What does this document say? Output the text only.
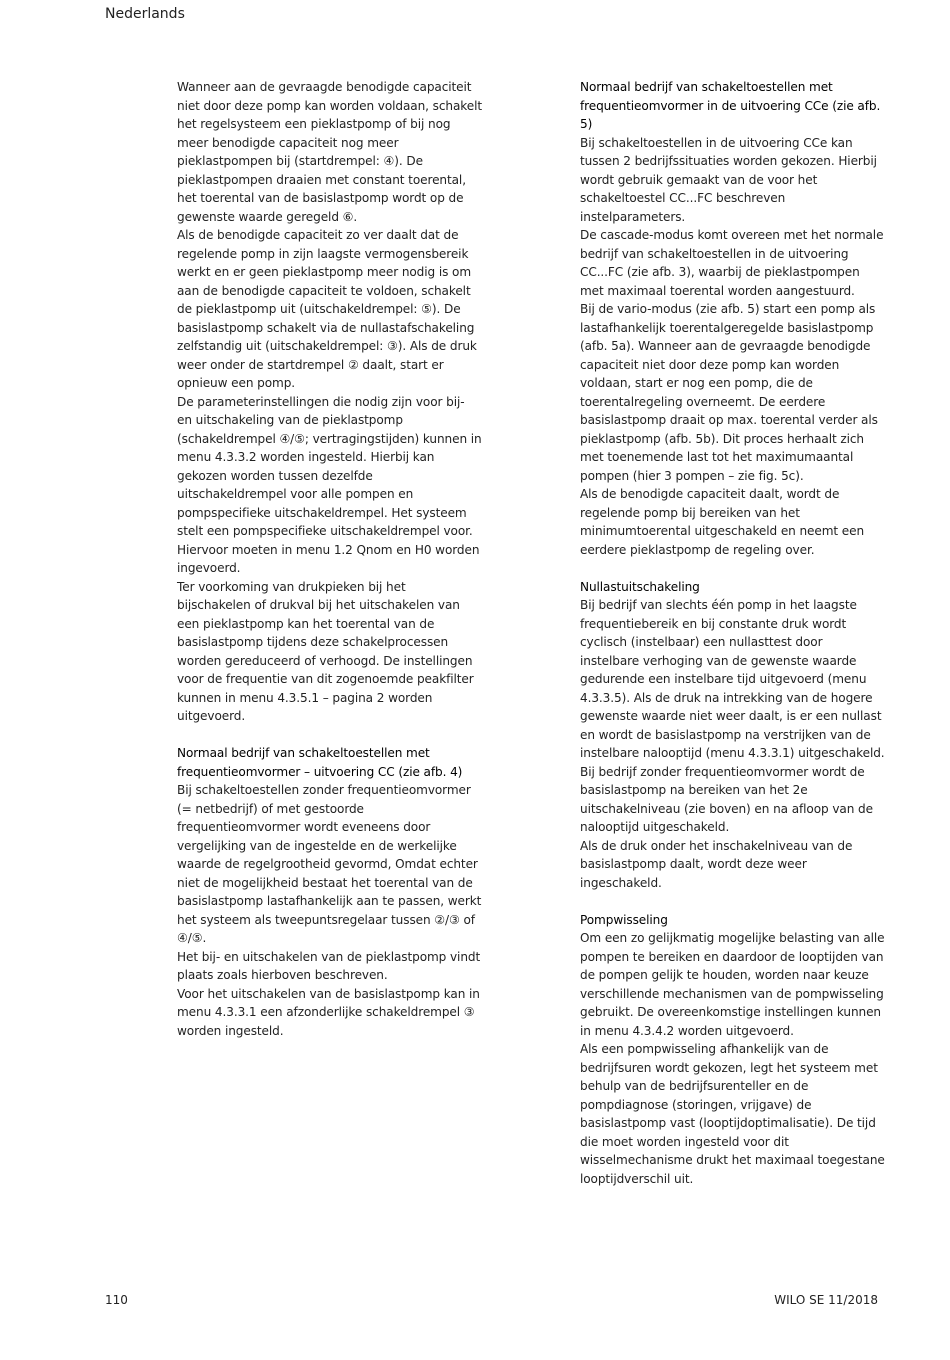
Nederlands

Wanneer aan de gevraagde benodigde capaciteit niet door deze pomp kan worden voldaan, schakelt het regelsysteem een pieklastpomp of bij nog meer benodigde capaciteit nog meer pieklastpompen bij (startdrempel: ④). De pieklastpompen draaien met constant toerental, het toerental van de basislastpomp wordt op de gewenste waarde geregeld ⑥.

Als de benodigde capaciteit zo ver daalt dat de regelende pomp in zijn laagste vermogensbereik werkt en er geen pieklastpomp meer nodig is om aan de benodigde capaciteit te voldoen, schakelt de pieklastpomp uit (uitschakeldrempel: ⑤). De basislastpomp schakelt via de nullastafschakeling zelfstandig uit (uitschakeldrempel: ③). Als de druk weer onder de startdrempel ② daalt, start er opnieuw een pomp.

De parameterinstellingen die nodig zijn voor bij- en uitschakeling van de pieklastpomp (schakeldrempel ④/⑤; vertragingstijden) kunnen in menu 4.3.3.2 worden ingesteld. Hierbij kan gekozen worden tussen dezelfde uitschakeldrempel voor alle pompen en pompspecifieke uitschakeldrempel. Het systeem stelt een pompspecifieke uitschakeldrempel voor. Hiervoor moeten in menu 1.2 Qnom en H0 worden ingevoerd.

Ter voorkoming van drukpieken bij het bijschakelen of drukval bij het uitschakelen van een pieklastpomp kan het toerental van de basislastpomp tijdens deze schakelprocessen worden gereduceerd of verhoogd. De instellingen voor de frequentie van dit zogenoemde peakfilter kunnen in menu 4.3.5.1 – pagina 2 worden uitgevoerd.

Normaal bedrijf van schakeltoestellen met frequentieomvormer – uitvoering CC (zie afb. 4)

Bij schakeltoestellen zonder frequentieomvormer (= netbedrijf) of met gestoorde frequentieomvormer wordt eveneens door vergelijking van de ingestelde en de werkelijke waarde de regelgrootheid gevormd, Omdat echter niet de mogelijkheid bestaat het toerental van de basislastpomp lastafhankelijk aan te passen, werkt het systeem als tweepuntsregelaar tussen ②/③ of ④/⑤.

Het bij- en uitschakelen van de pieklastpomp vindt plaats zoals hierboven beschreven.

Voor het uitschakelen van de basislastpomp kan in menu 4.3.3.1 een afzonderlijke schakeldrempel ③ worden ingesteld.

Normaal bedrijf van schakeltoestellen met frequentieomvormer in de uitvoering CCe (zie afb. 5)

Bij schakeltoestellen in de uitvoering CCe kan tussen 2 bedrijfssituaties worden gekozen. Hierbij wordt gebruik gemaakt van de voor het schakeltoestel CC...FC beschreven instelparameters.

De cascade-modus komt overeen met het normale bedrijf van schakeltoestellen in de uitvoering CC...FC (zie afb. 3), waarbij de pieklastpompen met maximaal toerental worden aangestuurd.

Bij de vario-modus (zie afb. 5) start een pomp als lastafhankelijk toerentalgeregelde basislastpomp (afb. 5a). Wanneer aan de gevraagde benodigde capaciteit niet door deze pomp kan worden voldaan, start er nog een pomp, die de toerentalregeling overneemt. De eerdere basislastpomp draait op max. toerental verder als pieklastpomp (afb. 5b). Dit proces herhaalt zich met toenemende last tot het maximumaantal pompen (hier 3 pompen – zie fig. 5c).

Als de benodigde capaciteit daalt, wordt de regelende pomp bij bereiken van het minimumtoerental uitgeschakeld en neemt een eerdere pieklastpomp de regeling over.

Nullastuitschakeling

Bij bedrijf van slechts één pomp in het laagste frequentiebereik en bij constante druk wordt cyclisch (instelbaar) een nullasttest door instelbare verhoging van de gewenste waarde gedurende een instelbare tijd uitgevoerd (menu 4.3.3.5). Als de druk na intrekking van de hogere gewenste waarde niet weer daalt, is er een nullast en wordt de basislastpomp na verstrijken van de instelbare nalooptijd (menu 4.3.3.1) uitgeschakeld.

Bij bedrijf zonder frequentieomvormer wordt de basislastpomp na bereiken van het 2e uitschakelniveau (zie boven) en na afloop van de nalooptijd uitgeschakeld.

Als de druk onder het inschakelniveau van de basislastpomp daalt, wordt deze weer ingeschakeld.

Pompwisseling

Om een zo gelijkmatig mogelijke belasting van alle pompen te bereiken en daardoor de looptijden van de pompen gelijk te houden, worden naar keuze verschillende mechanismen van de pompwisseling gebruikt. De overeenkomstige instellingen kunnen in menu 4.3.4.2 worden uitgevoerd.

Als een pompwisseling afhankelijk van de bedrijfsuren wordt gekozen, legt het systeem met behulp van de bedrijfsurenteller en de pompdiagnose (storingen, vrijgave) de basislastpomp vast (looptijdoptimalisatie). De tijd die moet worden ingesteld voor dit wisselmechanisme drukt het maximaal toegestane looptijdverschil uit.

110	WILO SE 11/2018
